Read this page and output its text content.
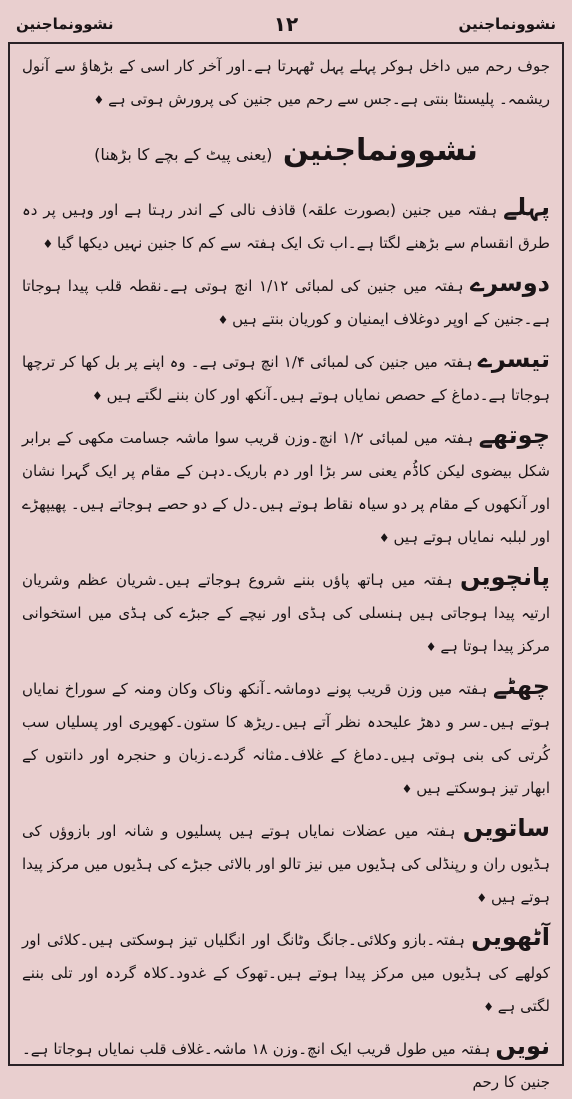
نشوونماجنین
۱۲
نشوونماجنین

جوف رحم میں داخل ہوکر پہلے پہل ٹھہرتا ہے۔اور آخر کار اسی کے بڑھاؤ سے آنول ریشمہ۔ پلیسنٹا بنتی ہے۔جس سے رحم میں جنین کی پرورش ہوتی ہے ♦

نشوونماجنین (یعنی پیٹ کے بچے کا بڑھنا)

پہلے ہفتہ میں جنین (بصورت علقہ) قاذف نالی کے اندر رہتا ہے اور وہیں پر دہ طرق انقسام سے بڑھنے لگتا ہے۔اب تک ایک ہفتہ سے کم کا جنین نہیں دیکھا گیا ♦

دوسرے ہفتہ میں جنین کی لمبائی ۱/۱۲ انچ ہوتی ہے۔نقطہ قلب پیدا ہوجاتا ہے۔جنین کے اوپر دوغلاف ایمنیان و کوریان بنتے ہیں ♦

تیسرے ہفتہ میں جنین کی لمبائی ۱/۴ انچ ہوتی ہے۔ وہ اپنے پر بل کھا کر ترچھا ہوجاتا ہے۔دماغ کے حصص نمایاں ہوتے ہیں۔آنکھ اور کان بننے لگتے ہیں ♦

چوتھے ہفتہ میں لمبائی ۱/۲ انچ۔وزن قریب سوا ماشہ جسامت مکھی کے برابر شکل بیضوی لیکن کاڈُم یعنی سر بڑا اور دم باریک۔دہن کے مقام پر ایک گہرا نشان اور آنکھوں کے مقام پر دو سیاہ نقاط ہوتے ہیں۔دل کے دو حصے ہوجاتے ہیں۔ پھیپھڑے اور لبلبہ نمایاں ہوتے ہیں ♦

پانچویں ہفتہ میں ہاتھ پاؤں بننے شروع ہوجاتے ہیں۔شریان عظم وشریان ارتیہ پیدا ہوجاتی ہیں ہنسلی کی ہڈی اور نیچے کے جبڑے کی ہڈی میں استخوانی مرکز پیدا ہوتا ہے ♦

چھٹے ہفتہ میں وزن قریب پونے دوماشہ۔آنکھ وناک وکان ومنہ کے سوراخ نمایاں ہوتے ہیں۔سر و دھڑ علیحدہ نظر آتے ہیں۔ریڑھ کا ستون۔کھوپری اور پسلیاں سب کُرتی کی بنی ہوتی ہیں۔دماغ کے غلاف۔مثانہ گردے۔زبان و حنجرہ اور دانتوں کے ابھار تیز ہوسکتے ہیں ♦

ساتویں ہفتہ میں عضلات نمایاں ہوتے ہیں پسلیوں و شانہ اور بازوؤں کی ہڈیوں ران و رپنڈلی کی ہڈیوں میں نیز تالو اور بالائی جبڑے کی ہڈیوں میں مرکز پیدا ہوتے ہیں ♦

آٹھویں ہفتہ۔بازو وکلائی۔جانگ وٹانگ اور انگلیاں تیز ہوسکتی ہیں۔کلائی اور کولھے کی ہڈیوں میں مرکز پیدا ہوتے ہیں۔تھوک کے غدود۔کلاہ گردہ اور تلی بننے لگتی ہے ♦

نویں ہفتہ میں طول قریب ایک انچ۔وزن ۱۸ ماشہ۔غلاف قلب نمایاں ہوجاتا ہے۔جنین کا رحم
